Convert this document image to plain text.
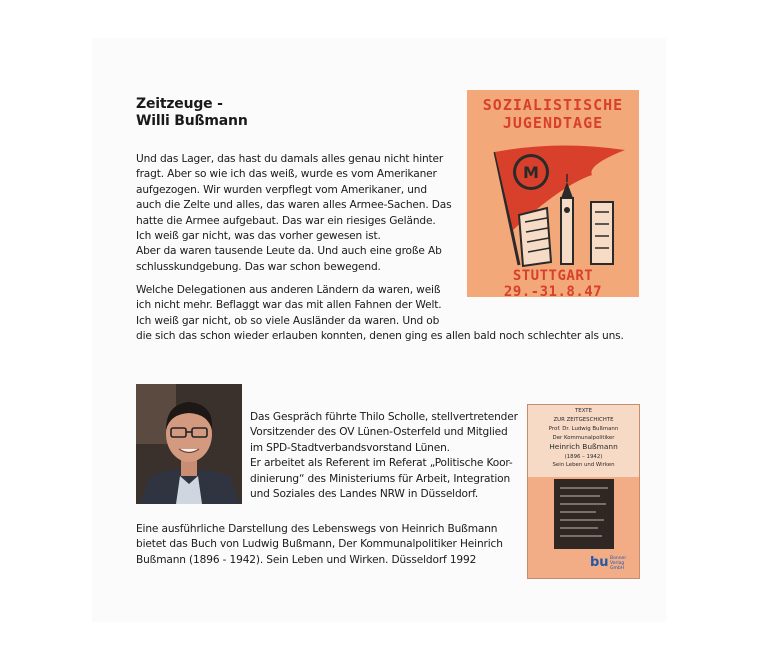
Zeitzeuge -
Willi Bußmann
Und das Lager, das hast du damals alles genau nicht hinter
fragt. Aber so wie ich das weiß, wurde es vom Amerikaner
aufgezogen. Wir wurden verpflegt vom Amerikaner, und
auch die Zelte und alles, das waren alles Armee-Sachen. Das
hatte die Armee aufgebaut. Das war ein riesiges Gelände.
Ich weiß gar nicht, was das vorher gewesen ist.
Aber da waren tausende Leute da. Und auch eine große Ab
schlusskundgebung. Das war schon bewegend.
Welche Delegationen aus anderen Ländern da waren, weiß
ich nicht mehr. Beflaggt war das mit allen Fahnen der Welt.
Ich weiß gar nicht, ob so viele Ausländer da waren. Und ob
die sich das schon wieder erlauben konnten, denen ging es allen bald noch schlechter als uns.
SOZIALISTISCHE
JUGENDTAGE
M
STUTTGART 29.-31.8.47
Das Gespräch führte Thilo Scholle, stellvertretender
Vorsitzender des OV Lünen-Osterfeld und Mitglied
im SPD-Stadtverbandsvorstand Lünen.
Er arbeitet als Referent im Referat „Politische Koor-
dinierung“ des Ministeriums für Arbeit, Integration
und Soziales des Landes NRW in Düsseldorf.
TEXTE
ZUR ZEITGESCHICHTE
Prof. Dr. Ludwig Bußmann
Der Kommunalpolitiker
Heinrich Bußmann
(1896 – 1942)
Sein Leben und Wirken
bu Bonner Verlag GmbH
Eine ausführliche Darstellung des Lebenswegs von Heinrich Bußmann
bietet das Buch von Ludwig Bußmann, Der Kommunalpolitiker Heinrich
Bußmann (1896 - 1942). Sein Leben und Wirken. Düsseldorf 1992
